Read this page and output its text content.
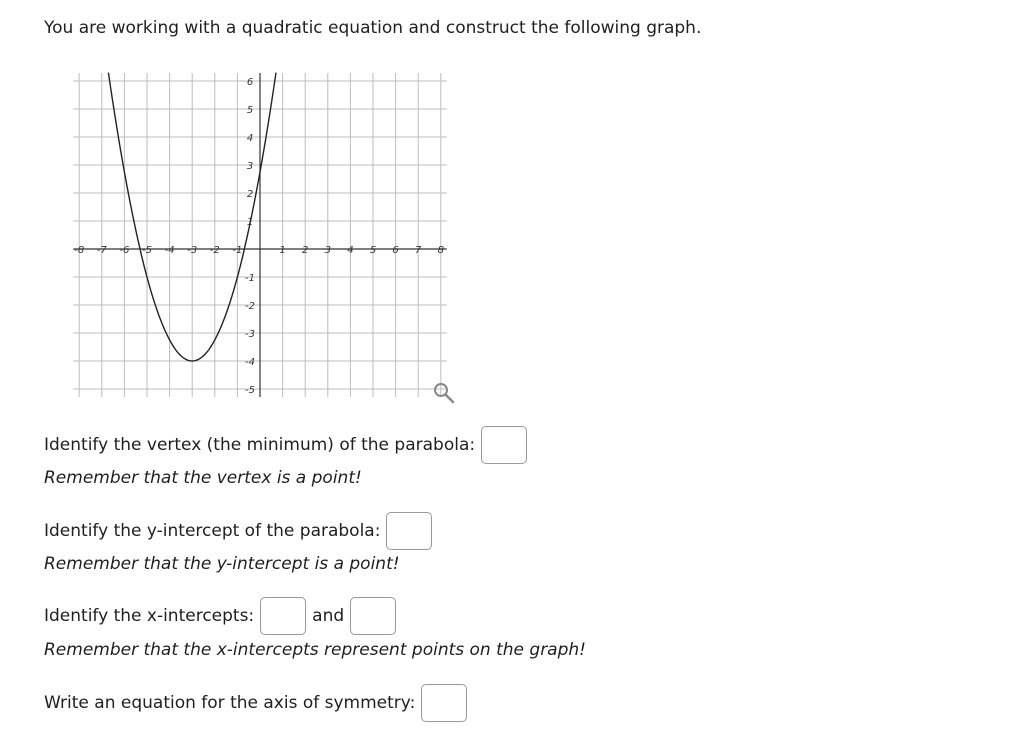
You are working with a quadratic equation and construct the following graph.
-8 -7 -6 -5 -4 -3 -2 -1	1 2 3 4 5 6 7 8
-5
-4
-3
-2
-1
1
2
3
4
5
6
Identify the vertex (the minimum) of the parabola:
Remember that the vertex is a point!
Identify the y-intercept of the parabola:
Remember that the y-intercept is a point!
Identify the x-intercepts:	and
Remember that the x-intercepts represent points on the graph!
Write an equation for the axis of symmetry:
